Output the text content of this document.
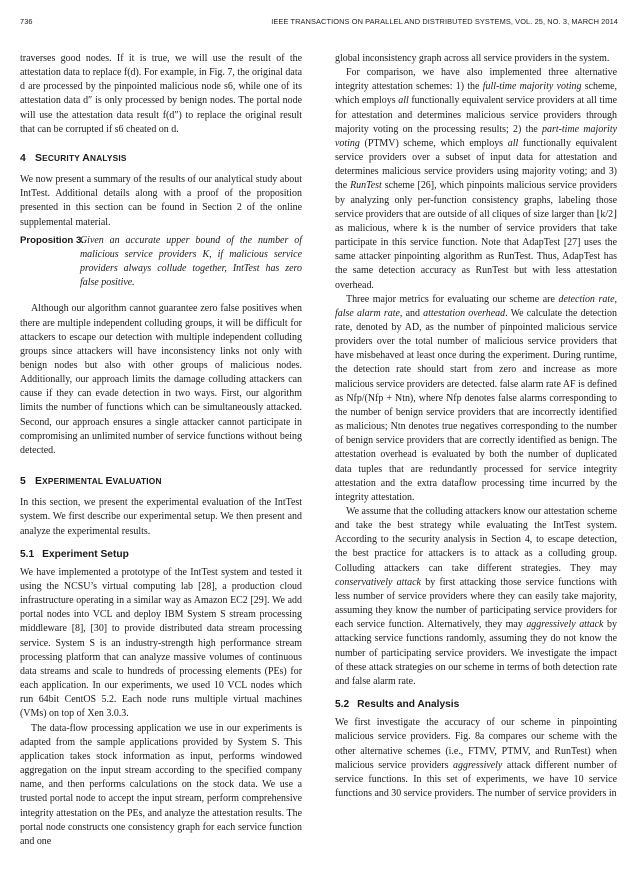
736	IEEE TRANSACTIONS ON PARALLEL AND DISTRIBUTED SYSTEMS, VOL. 25, NO. 3, MARCH 2014

traverses good nodes. If it is true, we will use the result of the attestation data to replace f(d). For example, in Fig. 7, the original data d are processed by the pinpointed malicious node s6, while one of its attestation data d″ is only processed by benign nodes. The portal node will use the attestation data result f(d″) to replace the original result that can be corrupted if s6 cheated on d.

4 SECURITY ANALYSIS

We now present a summary of the results of our analytical study about IntTest. Additional details along with a proof of the proposition presented in this section can be found in Section 2 of the online supplemental material.

Proposition 3.
Given an accurate upper bound of the number of malicious service providers K, if malicious service providers always collude together, IntTest has zero false positive.

Although our algorithm cannot guarantee zero false positives when there are multiple independent colluding groups, it will be difficult for attackers to escape our detection with multiple independent colluding groups since attackers will have inconsistency links not only with benign nodes but also with other groups of malicious nodes. Additionally, our approach limits the damage colluding attackers can cause if they can evade detection in two ways. First, our algorithm limits the number of functions which can be simultaneously attacked. Second, our approach ensures a single attacker cannot participate in compromising an unlimited number of service functions without being detected.

5 EXPERIMENTAL EVALUATION

In this section, we present the experimental evaluation of the IntTest system. We first describe our experimental setup. We then present and analyze the experimental results.

5.1 Experiment Setup

We have implemented a prototype of the IntTest system and tested it using the NCSU’s virtual computing lab [28], a production cloud infrastructure operating in a similar way as Amazon EC2 [29]. We add portal nodes into VCL and deploy IBM System S stream processing middleware [8], [30] to provide distributed data stream processing service. System S is an industry-strength high performance stream processing platform that can analyze massive volumes of continuous data streams and scale to hundreds of processing elements (PEs) for each application. In our experiments, we used 10 VCL nodes which run 64bit CentOS 5.2. Each node runs multiple virtual machines (VMs) on top of Xen 3.0.3.

The data-flow processing application we use in our experiments is adapted from the sample applications provided by System S. This application takes stock information as input, performs windowed aggregation on the input stream according to the specified company name, and then performs calculations on the stock data. We use a trusted portal node to accept the input stream, perform comprehensive integrity attestation on the PEs, and analyze the attestation results. The portal node constructs one consistency graph for each service function and one

global inconsistency graph across all service providers in the system.

For comparison, we have also implemented three alternative integrity attestation schemes: 1) the full-time majority voting scheme, which employs all functionally equivalent service providers at all time for attestation and determines malicious service providers through majority voting on the processing results; 2) the part-time majority voting (PTMV) scheme, which employs all functionally equivalent service providers over a subset of input data for attestation and determines malicious service providers using majority voting; and 3) the RunTest scheme [26], which pinpoints malicious service providers by analyzing only per-function consistency graphs, labeling those service providers that are outside of all cliques of size larger than ⌊k/2⌋ as malicious, where k is the number of service providers that take participate in this service function. Note that AdapTest [27] uses the same attacker pinpointing algorithm as RunTest. Thus, AdapTest has the same detection accuracy as RunTest but with less attestation overhead.

Three major metrics for evaluating our scheme are detection rate, false alarm rate, and attestation overhead. We calculate the detection rate, denoted by AD, as the number of pinpointed malicious service providers over the total number of malicious service providers that have misbehaved at least once during the experiment. During runtime, the detection rate should start from zero and increase as more malicious service providers are detected. false alarm rate AF is defined as Nfp/(Nfp + Ntn), where Nfp denotes false alarms corresponding to the number of benign service providers that are incorrectly identified as malicious; Ntn denotes true negatives corresponding to the number of benign service providers that are correctly identified as benign. The attestation overhead is evaluated by both the number of duplicated data tuples that are redundantly processed for service integrity attestation and the extra dataflow processing time incurred by the integrity attestation.

We assume that the colluding attackers know our attestation scheme and take the best strategy while evaluating the IntTest system. According to the security analysis in Section 4, to escape detection, the best practice for attackers is to attack as a colluding group. Colluding attackers can take different strategies. They may conservatively attack by first attacking those service functions with less number of service providers where they can easily take majority, assuming they know the number of participating service providers for each service function. Alternatively, they may aggressively attack by attacking service functions randomly, assuming they do not know the number of participating service providers. We investigate the impact of these attack strategies on our scheme in terms of both detection rate and false alarm rate.

5.2 Results and Analysis

We first investigate the accuracy of our scheme in pinpointing malicious service providers. Fig. 8a compares our scheme with the other alternative schemes (i.e., FTMV, PTMV, and RunTest) when malicious service providers aggressively attack different number of service functions. In this set of experiments, we have 10 service functions and 30 service providers. The number of service providers in
